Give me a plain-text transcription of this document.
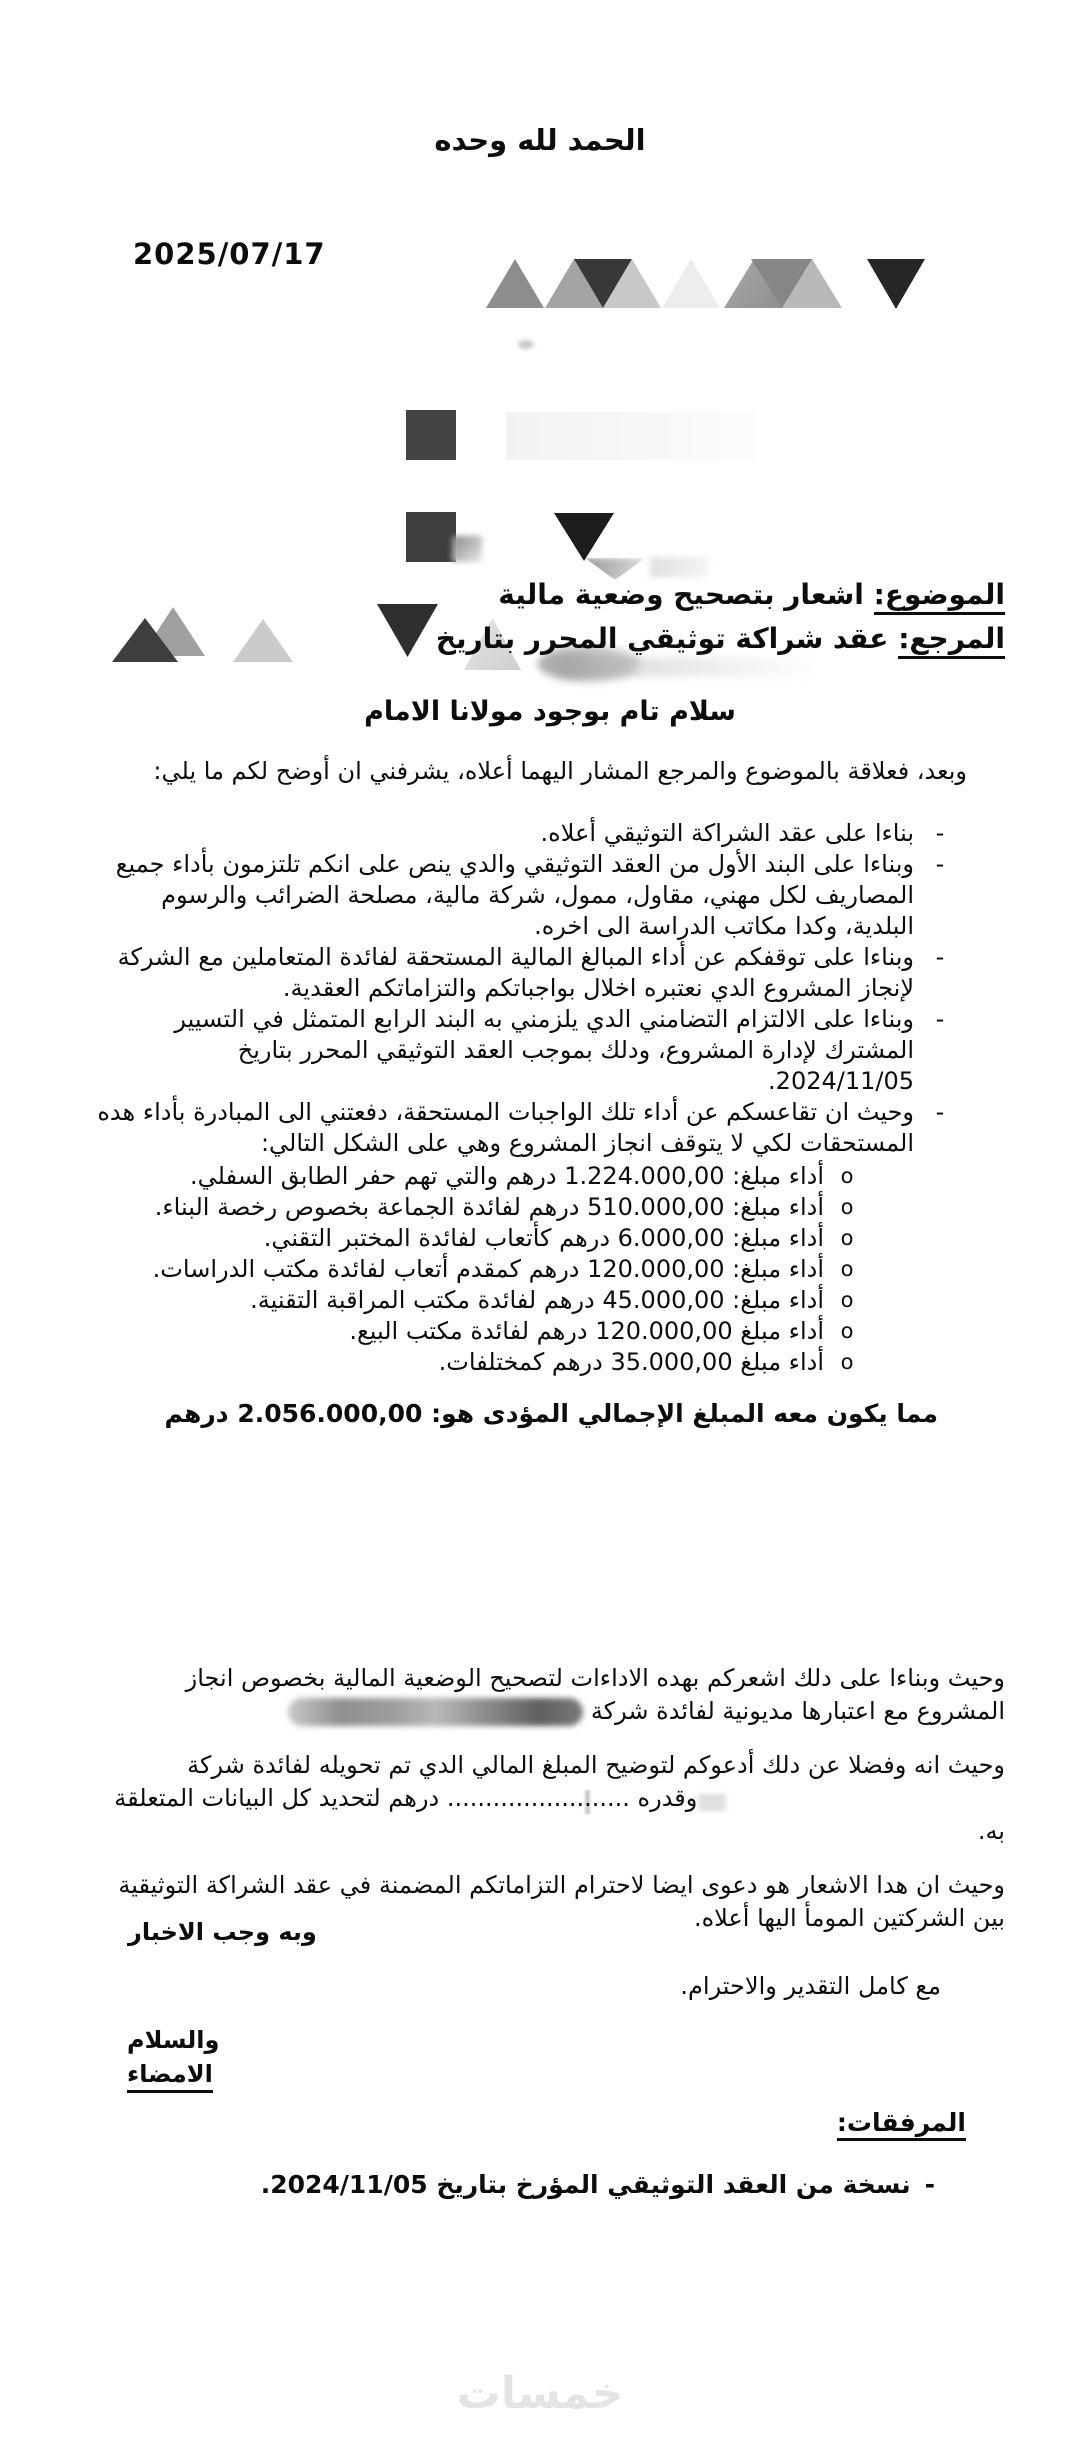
الحمد لله وحده
2025/07/17
الموضوع: اشعار بتصحيح وضعية مالية
المرجع: عقد شراكة توثيقي المحرر بتاريخ
سلام تام بوجود مولانا الامام
وبعد، فعلاقة بالموضوع والمرجع المشار اليهما أعلاه، يشرفني ان أوضح لكم ما يلي:
-
بناءا على عقد الشراكة التوثيقي أعلاه.
-
وبناءا على البند الأول من العقد التوثيقي والدي ينص على انكم تلتزمون بأداء جميع المصاريف لكل مهني، مقاول، ممول، شركة مالية، مصلحة الضرائب والرسوم البلدية، وكدا مكاتب الدراسة الى اخره.
-
وبناءا على توقفكم عن أداء المبالغ المالية المستحقة لفائدة المتعاملين مع الشركة لإنجاز المشروع الدي نعتبره اخلال بواجباتكم والتزاماتكم العقدية.
-
وبناءا على الالتزام التضامني الدي يلزمني به البند الرابع المتمثل في التسيير المشترك لإدارة المشروع، ودلك بموجب العقد التوثيقي المحرر بتاريخ 2024/11/05.
-
وحيث ان تقاعسكم عن أداء تلك الواجبات المستحقة، دفعتني الى المبادرة بأداء هده المستحقات لكي لا يتوقف انجاز المشروع وهي على الشكل التالي:
o
أداء مبلغ: 1.224.000,00 درهم والتي تهم حفر الطابق السفلي.
o
أداء مبلغ: 510.000,00 درهم لفائدة الجماعة بخصوص رخصة البناء.
o
أداء مبلغ: 6.000,00 درهم كأتعاب لفائدة المختبر التقني.
o
أداء مبلغ: 120.000,00 درهم كمقدم أتعاب لفائدة مكتب الدراسات.
o
أداء مبلغ: 45.000,00 درهم لفائدة مكتب المراقبة التقنية.
o
أداء مبلغ 120.000,00 درهم لفائدة مكتب البيع.
o
أداء مبلغ 35.000,00 درهم كمختلفات.
مما يكون معه المبلغ الإجمالي المؤدى هو: 2.056.000,00 درهم
وحيث وبناءا على دلك اشعركم بهده الاداءات لتصحيح الوضعية المالية بخصوص انجاز المشروع مع اعتبارها مديونية لفائدة شركة
وحيث انه وفضلا عن دلك أدعوكم لتوضيح المبلغ المالي الدي تم تحويله لفائدة شركة  وقدره ........................ درهم لتحديد كل البيانات المتعلقة به.
وحيث ان هدا الاشعار هو دعوى ايضا لاحترام التزاماتكم المضمنة في عقد الشراكة التوثيقية بين الشركتين المومأ اليها أعلاه.
وبه وجب الاخبار
مع كامل التقدير والاحترام.
والسلام
الامضاء
المرفقات:
-
نسخة من العقد التوثيقي المؤرخ بتاريخ 2024/11/05.
خمسات
